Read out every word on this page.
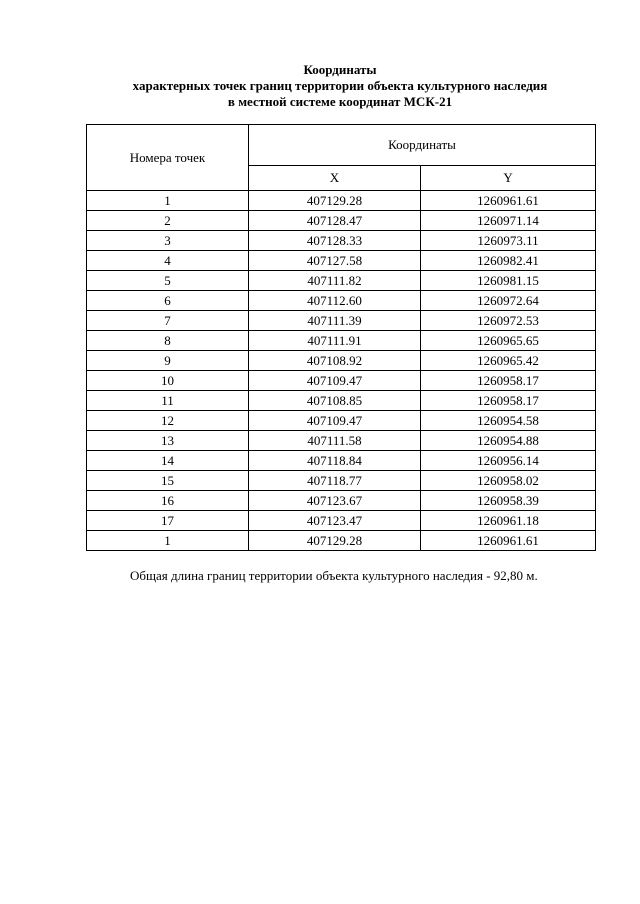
Координаты
характерных точек границ территории объекта культурного наследия
в местной системе координат МСК-21
Номера точек	Координаты	
	X	Y
1	407129.28	1260961.61
2	407128.47	1260971.14
3	407128.33	1260973.11
4	407127.58	1260982.41
5	407111.82	1260981.15
6	407112.60	1260972.64
7	407111.39	1260972.53
8	407111.91	1260965.65
9	407108.92	1260965.42
10	407109.47	1260958.17
11	407108.85	1260958.17
12	407109.47	1260954.58
13	407111.58	1260954.88
14	407118.84	1260956.14
15	407118.77	1260958.02
16	407123.67	1260958.39
17	407123.47	1260961.18
1	407129.28	1260961.61
Общая длина границ территории объекта культурного наследия - 92,80 м.
